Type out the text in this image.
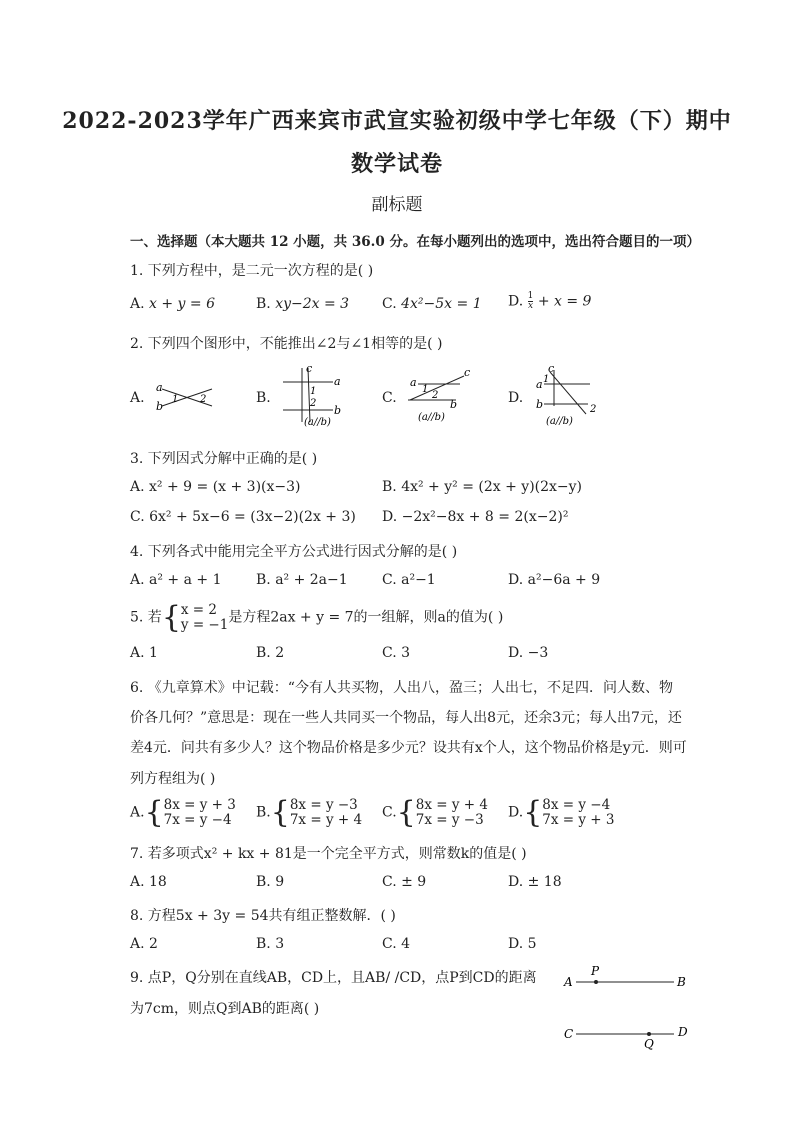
2022-2023学年广西来宾市武宣实验初级中学七年级（下）期中
数学试卷
副标题
一、选择题（本大题共 12 小题，共 36.0 分。在每小题列出的选项中，选出符合题目的一项）
1. 下列方程中，是二元一次方程的是( )
A. x + y = 6	B. xy−2x = 3 C. 4x²−5x = 1 D. $\frac{1}{x} + x = 9$
2. 下列四个图形中，不能推出∠2与∠1相等的是( )
A.	B.	C.	D.
a
b
1 2
c
a
b
1
2
(a//b)
a
c
b
1
2
(a//b)
c
a
b
1
2
(a//b)
3. 下列因式分解中正确的是( )
A. x² + 9 = (x + 3)(x−3)	B. 4x² + y² = (2x + y)(2x−y)
C. 6x² + 5x−6 = (3x−2)(2x + 3) D. −2x²−8x + 8 = 2(x−2)²
4. 下列各式中能用完全平方公式进行因式分解的是( )
A. a² + a + 1 B. a² + 2a−1 C. a²−1	D. a²−6a + 9
5. 若{x = 2
y = −1是方程2ax + y = 7的一组解，则a的值为( )
A. 1	B. 2	C. 3	D. −3
6. 《九章算术》中记载：“今有人共买物，人出八，盈三；人出七，不足四．问人数、物
价各几何？”意思是：现在一些人共同买一个物品，每人出8元，还余3元；每人出7元，还
差4元．问共有多少人？这个物品价格是多少元？设共有x个人，这个物品价格是y元．则可
列方程组为( )
A.{8x = y + 3
7x = y −4	B.{8x = y −3
7x = y + 4 C.{8x = y + 4
7x = y −3	D.{8x = y −4
7x = y + 3
7. 若多项式x² + kx + 81是一个完全平方式，则常数k的值是( )
A. 18	B. 9	C. ± 9	D. ± 18
8. 方程5x + 3y = 54共有组正整数解．( )
A. 2	B. 3	C. 4	D. 5
9. 点P，Q分别在直线AB，CD上，且AB/ /CD，点P到CD的距离
为7cm，则点Q到AB的距离( )
A	B
C	D
P
Q
